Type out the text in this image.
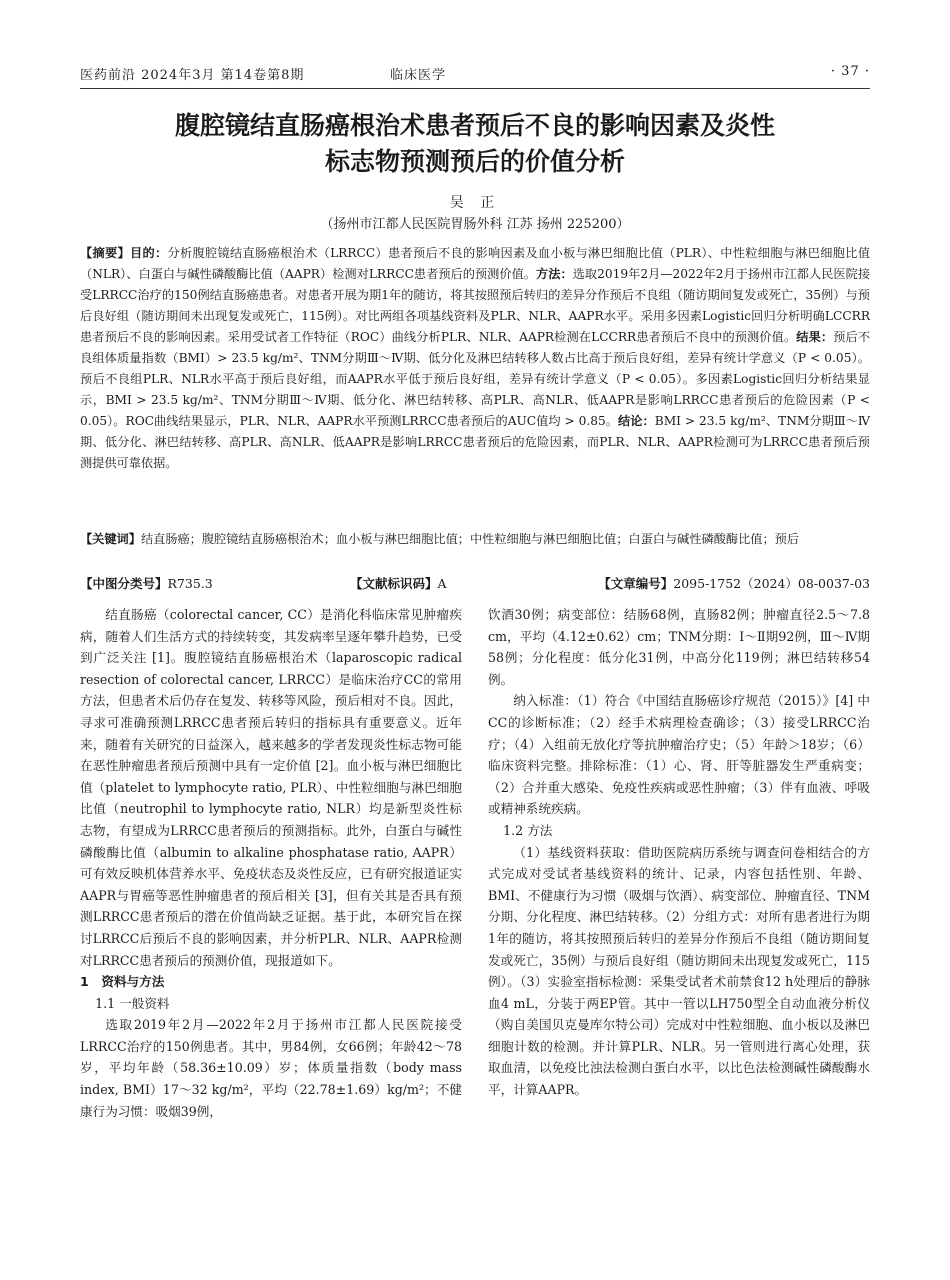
医药前沿 2024年3月 第14卷第8期	临床医学	· 37 ·
腹腔镜结直肠癌根治术患者预后不良的影响因素及炎性
标志物预测预后的价值分析
吴 正
（扬州市江都人民医院胃肠外科 江苏 扬州 225200）
【摘要】目的：分析腹腔镜结直肠癌根治术（LRRCC）患者预后不良的影响因素及血小板与淋巴细胞比值（PLR）、中性粒细胞与淋巴细胞比值（NLR）、白蛋白与碱性磷酸酶比值（AAPR）检测对LRRCC患者预后的预测价值。方法：选取2019年2月—2022年2月于扬州市江都人民医院接受LRRCC治疗的150例结直肠癌患者。对患者开展为期1年的随访，将其按照预后转归的差异分作预后不良组（随访期间复发或死亡，35例）与预后良好组（随访期间未出现复发或死亡，115例）。对比两组各项基线资料及PLR、NLR、AAPR水平。采用多因素Logistic回归分析明确LCCRR患者预后不良的影响因素。采用受试者工作特征（ROC）曲线分析PLR、NLR、AAPR检测在LCCRR患者预后不良中的预测价值。结果：预后不良组体质量指数（BMI）> 23.5 kg/m²、TNM分期Ⅲ～Ⅳ期、低分化及淋巴结转移人数占比高于预后良好组，差异有统计学意义（P < 0.05）。预后不良组PLR、NLR水平高于预后良好组，而AAPR水平低于预后良好组，差异有统计学意义（P < 0.05）。多因素Logistic回归分析结果显示，BMI > 23.5 kg/m²、TNM分期Ⅲ～Ⅳ期、低分化、淋巴结转移、高PLR、高NLR、低AAPR是影响LRRCC患者预后的危险因素（P < 0.05）。ROC曲线结果显示，PLR、NLR、AAPR水平预测LRRCC患者预后的AUC值均 > 0.85。结论：BMI > 23.5 kg/m²、TNM分期Ⅲ～Ⅳ期、低分化、淋巴结转移、高PLR、高NLR、低AAPR是影响LRRCC患者预后的危险因素，而PLR、NLR、AAPR检测可为LRRCC患者预后预测提供可靠依据。
【关键词】结直肠癌；腹腔镜结直肠癌根治术；血小板与淋巴细胞比值；中性粒细胞与淋巴细胞比值；白蛋白与碱性磷酸酶比值；预后
【中图分类号】R735.3	【文献标识码】A	【文章编号】2095-1752（2024）08-0037-03

结直肠癌（colorectal cancer, CC）是消化科临床常见肿瘤疾病，随着人们生活方式的持续转变，其发病率呈逐年攀升趋势，已受到广泛关注 [1]。腹腔镜结直肠癌根治术（laparoscopic radical resection of colorectal cancer, LRRCC）是临床治疗CC的常用方法，但患者术后仍存在复发、转移等风险，预后相对不良。因此，寻求可准确预测LRRCC患者预后转归的指标具有重要意义。近年来，随着有关研究的日益深入，越来越多的学者发现炎性标志物可能在恶性肿瘤患者预后预测中具有一定价值 [2]。血小板与淋巴细胞比值（platelet to lymphocyte ratio, PLR）、中性粒细胞与淋巴细胞比值（neutrophil to lymphocyte ratio, NLR）均是新型炎性标志物，有望成为LRRCC患者预后的预测指标。此外，白蛋白与碱性磷酸酶比值（albumin to alkaline phosphatase ratio, AAPR）可有效反映机体营养水平、免疫状态及炎性反应，已有研究报道证实AAPR与胃癌等恶性肿瘤患者的预后相关 [3]，但有关其是否具有预测LRRCC患者预后的潜在价值尚缺乏证据。基于此，本研究旨在探讨LRRCC后预后不良的影响因素，并分析PLR、NLR、AAPR检测对LRRCC患者预后的预测价值，现报道如下。

1　资料与方法

1.1 一般资料

选取2019年2月—2022年2月于扬州市江都人民医院接受LRRCC治疗的150例患者。其中，男84例，女66例；年龄42～78岁，平均年龄（58.36±10.09）岁；体质量指数（body mass index, BMI）17～32 kg/m²，平均（22.78±1.69）kg/m²；不健康行为习惯：吸烟39例，

饮酒30例；病变部位：结肠68例，直肠82例；肿瘤直径2.5～7.8 cm，平均（4.12±0.62）cm；TNM分期：Ⅰ～Ⅱ期92例，Ⅲ～Ⅳ期58例；分化程度：低分化31例，中高分化119例；淋巴结转移54例。

纳入标准：（1）符合《中国结直肠癌诊疗规范（2015）》[4] 中CC的诊断标准；（2）经手术病理检查确诊；（3）接受LRRCC治疗；（4）入组前无放化疗等抗肿瘤治疗史；（5）年龄＞18岁；（6）临床资料完整。排除标准：（1）心、肾、肝等脏器发生严重病变；（2）合并重大感染、免疫性疾病或恶性肿瘤；（3）伴有血液、呼吸或精神系统疾病。

1.2 方法

（1）基线资料获取：借助医院病历系统与调查问卷相结合的方式完成对受试者基线资料的统计、记录，内容包括性别、年龄、BMI、不健康行为习惯（吸烟与饮酒）、病变部位、肿瘤直径、TNM分期、分化程度、淋巴结转移。（2）分组方式：对所有患者进行为期1年的随访，将其按照预后转归的差异分作预后不良组（随访期间复发或死亡，35例）与预后良好组（随访期间未出现复发或死亡，115例）。（3）实验室指标检测：采集受试者术前禁食12 h处理后的静脉血4 mL，分装于两EP管。其中一管以LH750型全自动血液分析仪（购自美国贝克曼库尔特公司）完成对中性粒细胞、血小板以及淋巴细胞计数的检测。并计算PLR、NLR。另一管则进行离心处理，获取血清，以免疫比浊法检测白蛋白水平，以比色法检测碱性磷酸酶水平，计算AAPR。
